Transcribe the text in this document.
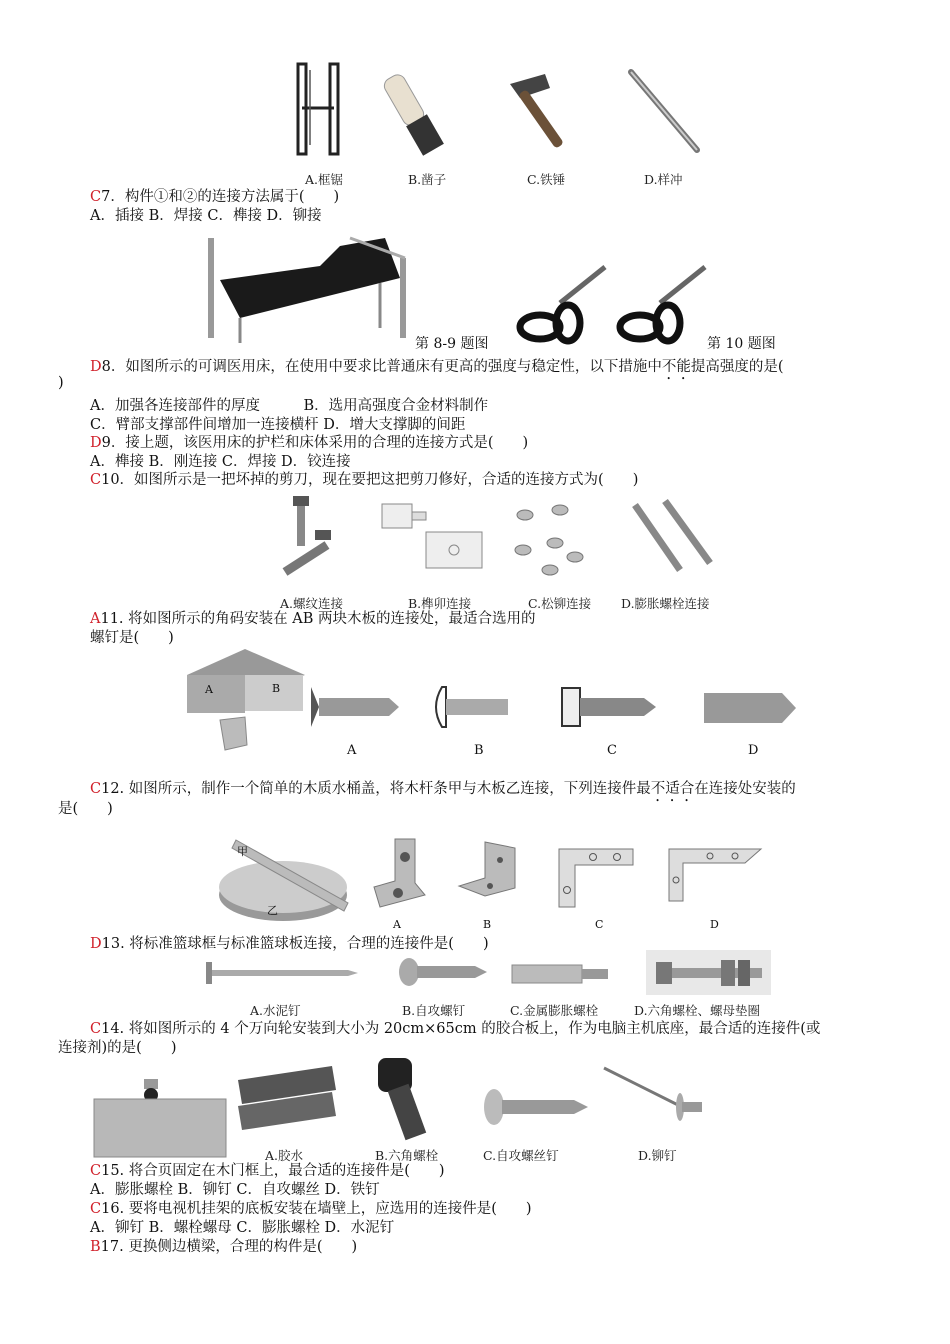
A.框锯	B.凿子	C.铁锤	D.样冲
C7．构件①和②的连接方法属于(　　)
A．插接 B．焊接 C．榫接 D．铆接
第 8-9 题图	第 10 题图
D8．如图所示的可调医用床，在使用中要求比普通床有更高的强度与稳定性，以下措施中不能提高强度的是(
)
A．加强各连接部件的厚度　　　B．选用高强度合金材料制作
C．臂部支撑部件间增加一连接横杆 D．增大支撑脚的间距
D9．接上题，该医用床的护栏和床体采用的合理的连接方式是(　　)
A．榫接 B．刚连接 C．焊接 D．铰连接
C10．如图所示是一把坏掉的剪刀，现在要把这把剪刀修好，合适的连接方式为(　　)
A.螺纹连接	B.榫卯连接	C.松铆连接 D.膨胀螺栓连接
A11. 将如图所示的角码安装在 AB 两块木板的连接处，最适合选用的
螺钉是(　　)
A	B
A	B	C	D
C12. 如图所示，制作一个简单的木质水桶盖，将木杆条甲与木板乙连接，下列连接件最不适合在连接处安装的
是(　　)
甲
乙
A	B	C	D
D13. 将标准篮球框与标准篮球板连接，合理的连接件是(　　)
A.水泥钉	B.自攻螺钉	C.金属膨胀螺栓	D.六角螺栓、螺母垫圈
C14. 将如图所示的 4 个万向轮安装到大小为 20cm×65cm 的胶合板上，作为电脑主机底座，最合适的连接件(或
连接剂)的是(　　)
A.胶水	B.六角螺栓	C.自攻螺丝钉	D.铆钉
C15. 将合页固定在木门框上，最合适的连接件是(　　)
A．膨胀螺栓 B．铆钉 C．自攻螺丝 D．铁钉
C16. 要将电视机挂架的底板安装在墙壁上，应选用的连接件是(　　)
A．铆钉 B．螺栓螺母 C．膨胀螺栓 D．水泥钉
B17. 更换侧边横梁，合理的构件是(　　)
